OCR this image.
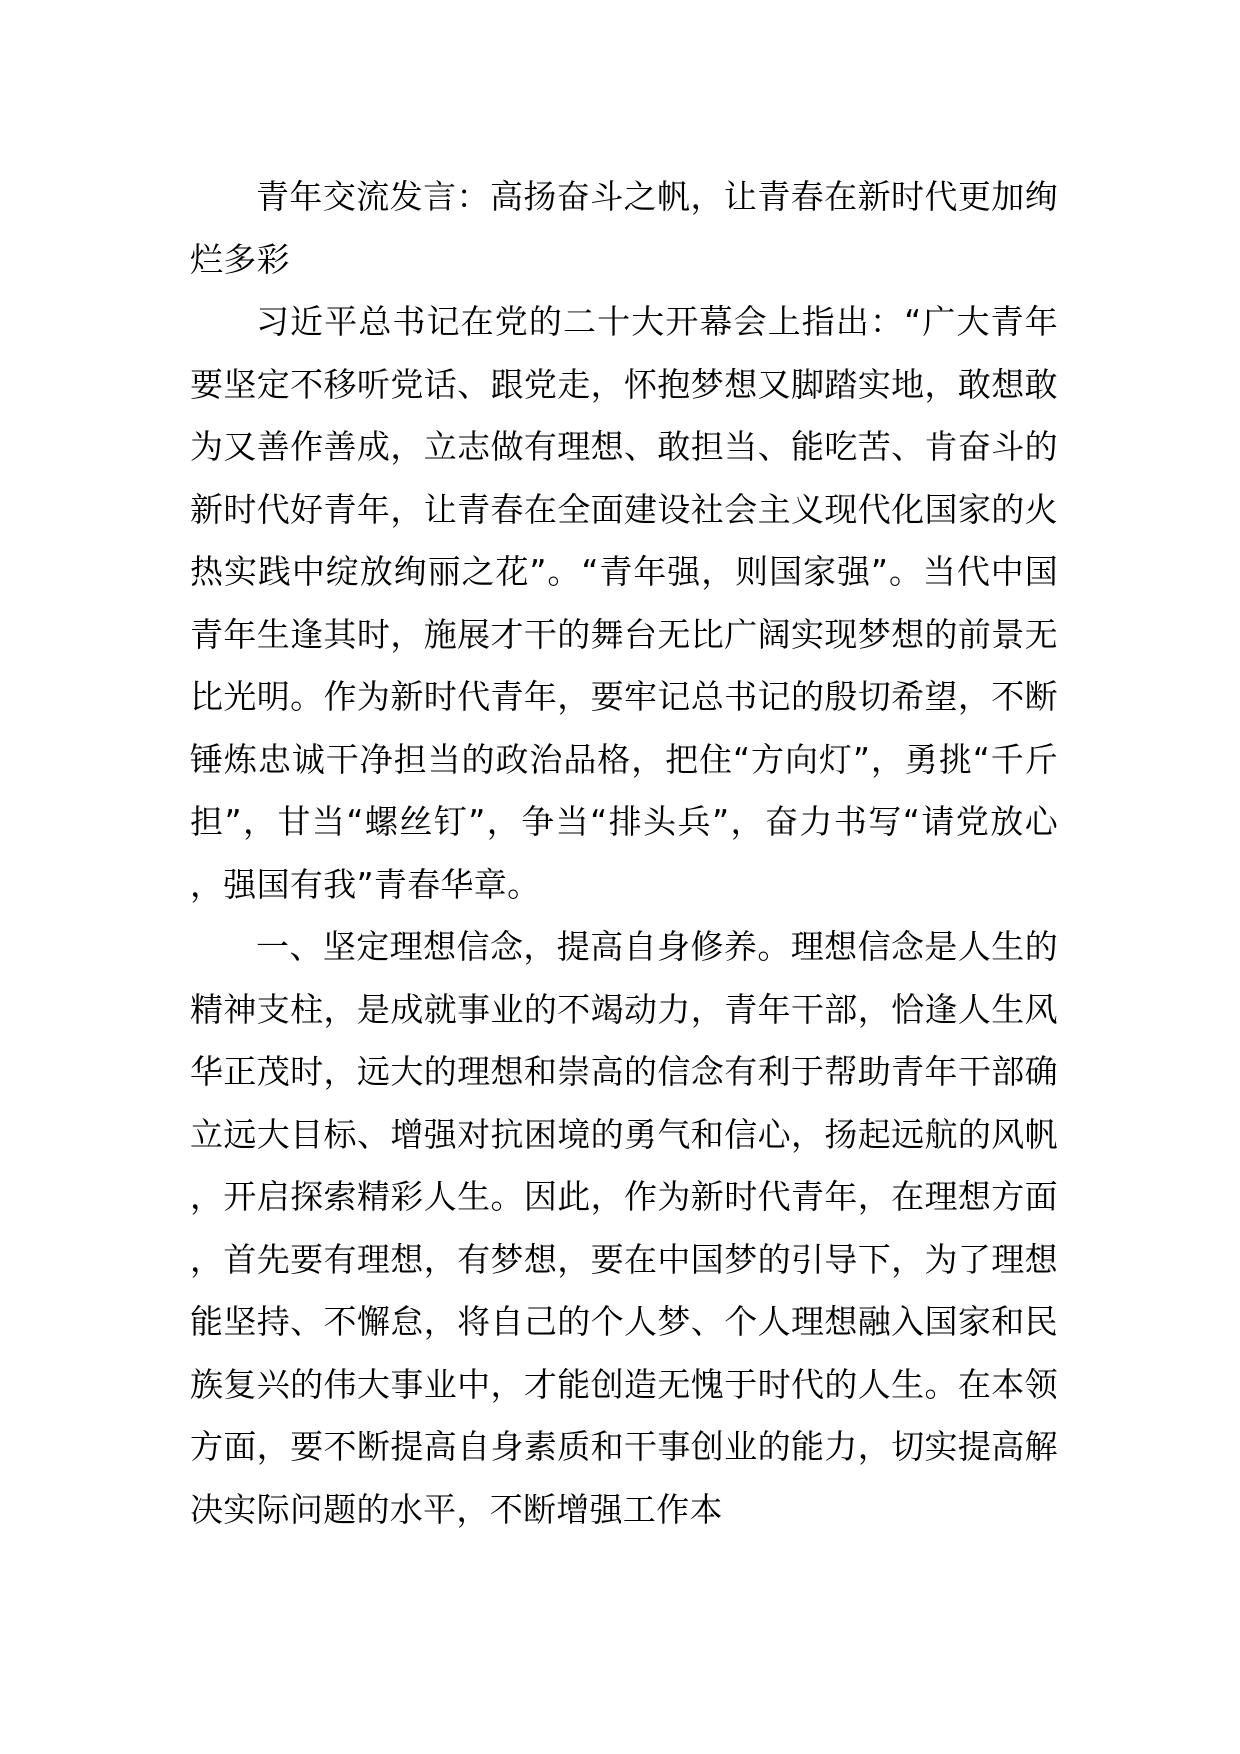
青年交流发言：高扬奋斗之帆，让青春在新时代更加绚烂多彩

习近平总书记在党的二十大开幕会上指出：“广大青年要坚定不移听党话、跟党走，怀抱梦想又脚踏实地，敢想敢为又善作善成，立志做有理想、敢担当、能吃苦、肯奋斗的新时代好青年，让青春在全面建设社会主义现代化国家的火热实践中绽放绚丽之花”。“青年强，则国家强”。当代中国青年生逢其时，施展才干的舞台无比广阔实现梦想的前景无比光明。作为新时代青年，要牢记总书记的殷切希望，不断锤炼忠诚干净担当的政治品格，把住“方向灯”，勇挑“千斤担”，甘当“螺丝钉”，争当“排头兵”，奋力书写“请党放心，强国有我”青春华章。

一、坚定理想信念，提高自身修养。理想信念是人生的精神支柱，是成就事业的不竭动力，青年干部，恰逢人生风华正茂时，远大的理想和崇高的信念有利于帮助青年干部确立远大目标、增强对抗困境的勇气和信心，扬起远航的风帆，开启探索精彩人生。因此，作为新时代青年，在理想方面，首先要有理想，有梦想，要在中国梦的引导下，为了理想能坚持、不懈怠，将自己的个人梦、个人理想融入国家和民族复兴的伟大事业中，才能创造无愧于时代的人生。在本领方面，要不断提高自身素质和干事创业的能力，切实提高解决实际问题的水平，不断增强工作本
